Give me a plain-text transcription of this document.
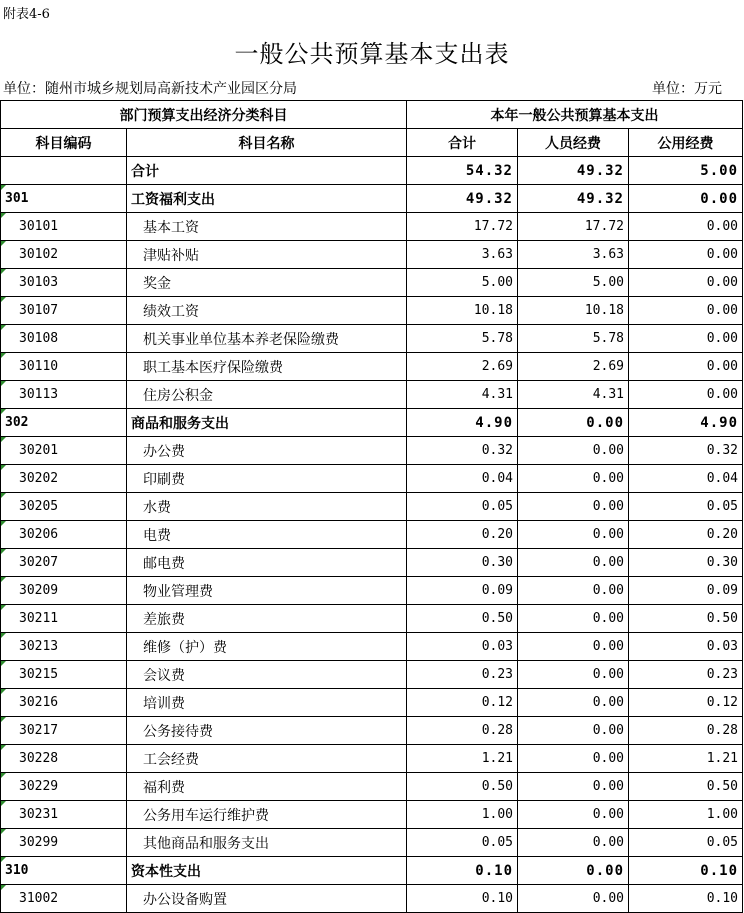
附表4-6
一般公共预算基本支出表
单位：随州市城乡规划局高新技术产业园区分局	单位：万元
部门预算支出经济分类科目		本年一般公共预算基本支出		
科目编码	科目名称	合计	人员经费	公用经费
	合计	54.32	49.32	5.00

301	工资福利支出	49.32	49.32	0.00

30101	基本工资	17.72	17.72	0.00

30102	津贴补贴	3.63	3.63	0.00

30103	奖金	5.00	5.00	0.00

30107	绩效工资	10.18	10.18	0.00

30108	机关事业单位基本养老保险缴费	5.78	5.78	0.00

30110	职工基本医疗保险缴费	2.69	2.69	0.00

30113	住房公积金	4.31	4.31	0.00

302	商品和服务支出	4.90	0.00	4.90

30201	办公费	0.32	0.00	0.32

30202	印刷费	0.04	0.00	0.04

30205	水费	0.05	0.00	0.05

30206	电费	0.20	0.00	0.20

30207	邮电费	0.30	0.00	0.30

30209	物业管理费	0.09	0.00	0.09

30211	差旅费	0.50	0.00	0.50

30213	维修（护）费	0.03	0.00	0.03

30215	会议费	0.23	0.00	0.23

30216	培训费	0.12	0.00	0.12

30217	公务接待费	0.28	0.00	0.28

30228	工会经费	1.21	0.00	1.21

30229	福利费	0.50	0.00	0.50

30231	公务用车运行维护费	1.00	0.00	1.00

30299	其他商品和服务支出	0.05	0.00	0.05

310	资本性支出	0.10	0.00	0.10

31002	办公设备购置	0.10	0.00	0.10
